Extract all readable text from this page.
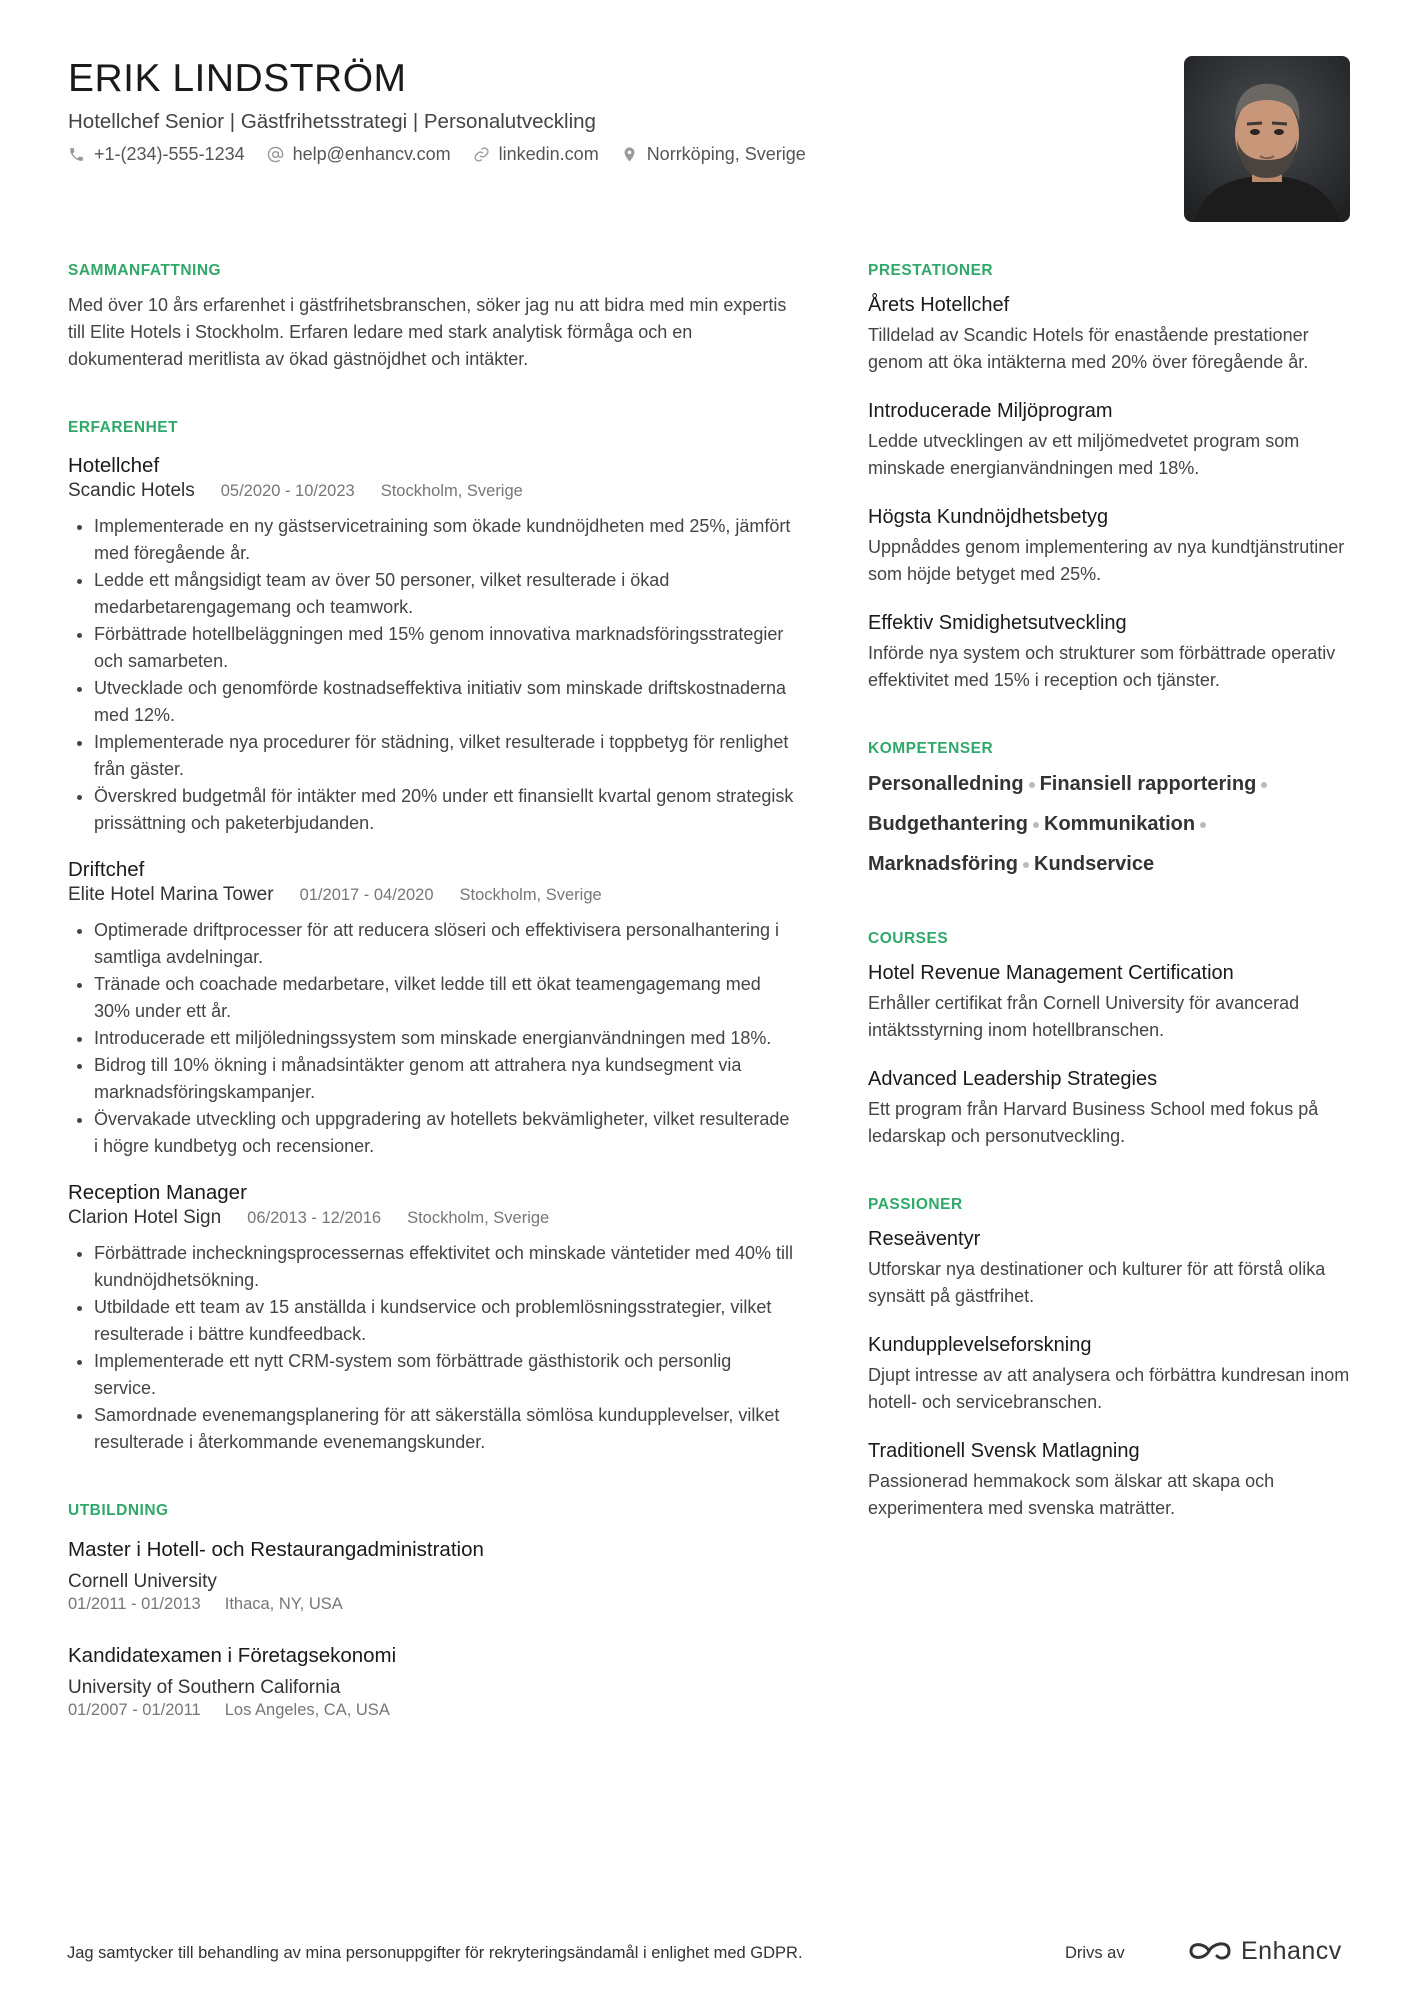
ERIK LINDSTRÖM
Hotellchef Senior | Gästfrihetsstrategi | Personalutveckling
+1-(234)-555-1234	help@enhancv.com	linkedin.com	Norrköping, Sverige
SAMMANFATTNING
Med över 10 års erfarenhet i gästfrihetsbranschen, söker jag nu att bidra med min expertis till Elite Hotels i Stockholm. Erfaren ledare med stark analytisk förmåga och en dokumenterad meritlista av ökad gästnöjdhet och intäkter.
ERFARENHET
Hotellchef
Scandic Hotels 05/2020 - 10/2023 Stockholm, Sverige
• Implementerade en ny gästservicetraining som ökade kundnöjdheten med 25%, jämfört med föregående år.
• Ledde ett mångsidigt team av över 50 personer, vilket resulterade i ökad medarbetarengagemang och teamwork.
• Förbättrade hotellbeläggningen med 15% genom innovativa marknadsföringsstrategier och samarbeten.
• Utvecklade och genomförde kostnadseffektiva initiativ som minskade driftskostnaderna med 12%.
• Implementerade nya procedurer för städning, vilket resulterade i toppbetyg för renlighet från gäster.
• Överskred budgetmål för intäkter med 20% under ett finansiellt kvartal genom strategisk prissättning och paketerbjudanden.
Driftchef
Elite Hotel Marina Tower 01/2017 - 04/2020 Stockholm, Sverige
• Optimerade driftprocesser för att reducera slöseri och effektivisera personalhantering i samtliga avdelningar.
• Tränade och coachade medarbetare, vilket ledde till ett ökat teamengagemang med 30% under ett år.
• Introducerade ett miljöledningssystem som minskade energianvändningen med 18%.
• Bidrog till 10% ökning i månadsintäkter genom att attrahera nya kundsegment via marknadsföringskampanjer.
• Övervakade utveckling och uppgradering av hotellets bekvämligheter, vilket resulterade i högre kundbetyg och recensioner.
Reception Manager
Clarion Hotel Sign 06/2013 - 12/2016 Stockholm, Sverige
• Förbättrade incheckningsprocessernas effektivitet och minskade väntetider med 40% till kundnöjdhetsökning.
• Utbildade ett team av 15 anställda i kundservice och problemlösningsstrategier, vilket resulterade i bättre kundfeedback.
• Implementerade ett nytt CRM-system som förbättrade gästhistorik och personlig service.
• Samordnade evenemangsplanering för att säkerställa sömlösa kundupplevelser, vilket resulterade i återkommande evenemangskunder.
UTBILDNING
Master i Hotell- och Restaurangadministration
Cornell University
01/2011 - 01/2013 Ithaca, NY, USA
Kandidatexamen i Företagsekonomi
University of Southern California
01/2007 - 01/2011 Los Angeles, CA, USA
PRESTATIONER
Årets Hotellchef
Tilldelad av Scandic Hotels för enastående prestationer genom att öka intäkterna med 20% över föregående år.
Introducerade Miljöprogram
Ledde utvecklingen av ett miljömedvetet program som minskade energianvändningen med 18%.
Högsta Kundnöjdhetsbetyg
Uppnåddes genom implementering av nya kundtjänstrutiner som höjde betyget med 25%.
Effektiv Smidighetsutveckling
Införde nya system och strukturer som förbättrade operativ effektivitet med 15% i reception och tjänster.
KOMPETENSER
Personalledning Finansiell rapportering
Budgethantering Kommunikation
Marknadsföring Kundservice
COURSES
Hotel Revenue Management Certification
Erhåller certifikat från Cornell University för avancerad intäktsstyrning inom hotellbranschen.
Advanced Leadership Strategies
Ett program från Harvard Business School med fokus på ledarskap och personutveckling.
PASSIONER
Reseäventyr
Utforskar nya destinationer och kulturer för att förstå olika synsätt på gästfrihet.
Kundupplevelseforskning
Djupt intresse av att analysera och förbättra kundresan inom hotell- och servicebranschen.
Traditionell Svensk Matlagning
Passionerad hemmakock som älskar att skapa och experimentera med svenska maträtter.
Jag samtycker till behandling av mina personuppgifter för rekryteringsändamål i enlighet med GDPR.	Drivs av	Enhancv
